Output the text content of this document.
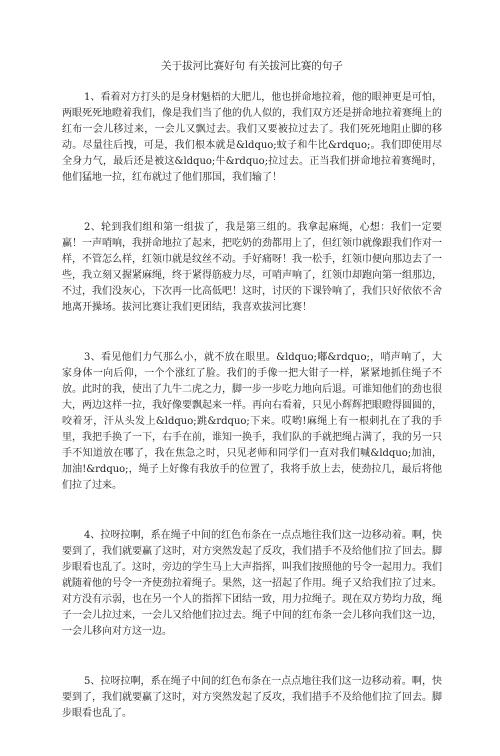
关于拔河比赛好句 有关拔河比赛的句子

1、看着对方打头的是身材魁梧的大肥儿，他也拼命地拉着，他的眼神更是可怕，两眼死死地瞪着我们，像是我们当了他的仇人似的，我们双方还是拼命地拉着赛绳上的红布一会儿移过来，一会儿又飘过去。我们又要被拉过去了。我们死死地阻止脚的移动。尽量往后拽，可是，我们根本就是&ldquo;蚊子和牛比&rdquo;。我们即使用尽全身力气，最后还是被这&ldquo;牛&rdquo;拉过去。正当我们拼命地拉着赛绳时，他们猛地一拉，红布就过了他们那国，我们输了！

2、轮到我们组和第一组拔了，我是第三组的。我拿起麻绳，心想：我们一定要赢！一声哨响，我拼命地拉了起来，把吃奶的劲都用上了，但红领巾就像跟我们作对一样，不管怎么样，红领巾就是纹丝不动。手好痛呀！我一松手，红领巾便向那边去了一些，我立刻又握紧麻绳，终于紧得筋疲力尽，可哨声响了，红领巾却跑向第一组那边，不过，我们没灰心，下次再一比高低吧！这时，讨厌的下课铃响了，我们只好依依不舍地离开操场。拔河比赛让我们更团结，我喜欢拔河比赛！

3、看见他们力气那么小，就不放在眼里。&ldquo;嘟&rdquo;，哨声响了，大家身体一向后仰，一个个涨红了脸。我们的手像一把大钳子一样，紧紧地抓住绳子不放。此时的我，使出了九牛二虎之力，脚一步一步吃力地向后退。可谁知他们的劲也很大，两边这样一拉，我好像要飘起来一样。再向右看着，只见小辉辉把眼瞪得圆圆的，咬着牙，汗从头发上&ldquo;跳&rdquo;下来。哎哟!麻绳上有一根刺扎在了我的手里，我把手换了一下，右手在前，谁知一换手，我们队的手就把绳占满了，我的另一只手不知道放在哪了，我在焦急之时，只见老师和同学们一直对我们喊&ldquo;加油，加油!&rdquo;，绳子上好像有我放手的位置了，我将手放上去，使劲拉几，最后将他们拉了过来。

4、拉呀拉啊，系在绳子中间的红色布条在一点点地往我们这一边移动着。啊，快要到了，我们就要赢了这时，对方突然发起了反攻，我们措手不及给他们拉了回去。脚步眼看也乱了。这时，旁边的学生马上大声指挥，叫我们按照他的号令一起用力。我们就随着他的号令一齐使劲拉着绳子。果然，这一招起了作用。绳子又给我们拉了过来。对方没有示弱，也在另一个人的指挥下团结一致，用力拉绳子。现在双方势均力敌，绳子一会儿拉过来，一会儿又给他们拉过去。绳子中间的红布条一会儿移向我们这一边，一会儿移向对方这一边。

5、拉呀拉啊，系在绳子中间的红色布条在一点点地往我们这一边移动着。啊，快要到了，我们就要赢了这时，对方突然发起了反攻，我们措手不及给他们拉了回去。脚步眼看也乱了。
